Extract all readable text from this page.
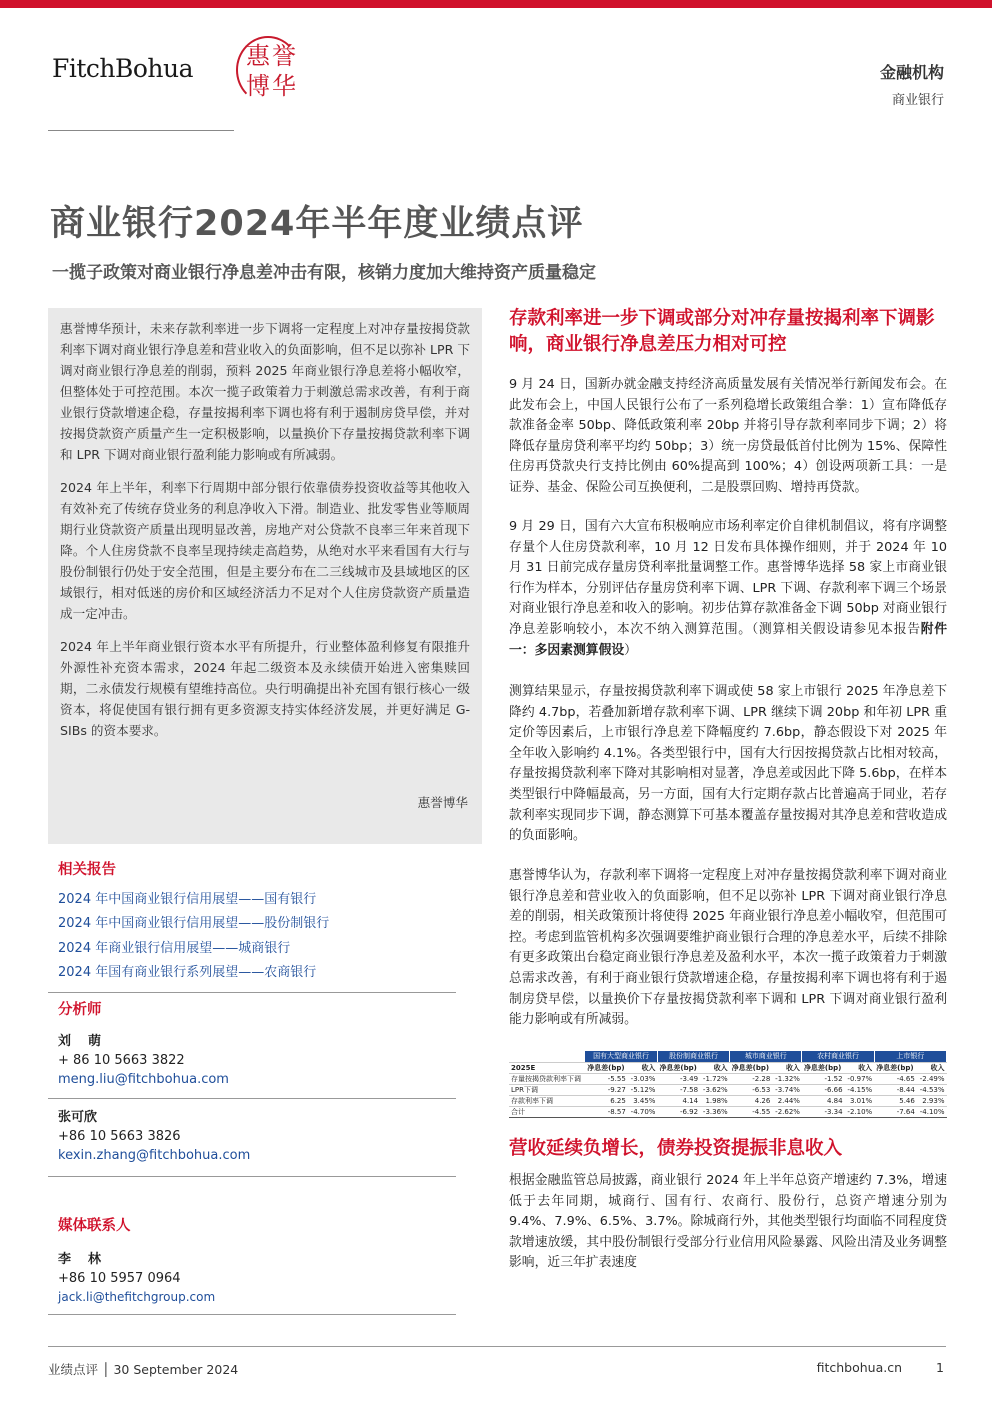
FitchBohua 惠 誉
博 华	金融机构
商业银行
商业银行2024年半年度业绩点评
一揽子政策对商业银行净息差冲击有限，核销力度加大维持资产质量稳定

惠誉博华预计，未来存款利率进一步下调将一定程度上对冲存量按揭贷款利率下调对商业银行净息差和营业收入的负面影响，但不足以弥补 LPR 下调对商业银行净息差的削弱，预料 2025 年商业银行净息差将小幅收窄，但整体处于可控范围。本次一揽子政策着力于刺激总需求改善，有利于商业银行贷款增速企稳，存量按揭利率下调也将有利于遏制房贷早偿，并对按揭贷款资产质量产生一定积极影响，以量换价下存量按揭贷款利率下调和 LPR 下调对商业银行盈利能力影响或有所减弱。

2024 年上半年，利率下行周期中部分银行依靠债券投资收益等其他收入有效补充了传统存贷业务的利息净收入下滑。制造业、批发零售业等顺周期行业贷款资产质量出现明显改善，房地产对公贷款不良率三年来首现下降。个人住房贷款不良率呈现持续走高趋势，从绝对水平来看国有大行与股份制银行仍处于安全范围，但是主要分布在二三线城市及县域地区的区域银行，相对低迷的房价和区域经济活力不足对个人住房贷款资产质量造成一定冲击。

2024 年上半年商业银行资本水平有所提升，行业整体盈利修复有限推升外源性补充资本需求，2024 年起二级资本及永续债开始进入密集赎回期，二永债发行规模有望维持高位。央行明确提出补充国有银行核心一级资本，将促使国有银行拥有更多资源支持实体经济发展，并更好满足 G-SIBs 的资本要求。

惠誉博华
相关报告
2024 年中国商业银行信用展望——国有银行
2024 年中国商业银行信用展望——股份制银行
2024 年商业银行信用展望——城商银行
2024 年国有商业银行系列展望——农商银行
分析师
刘　萌
+ 86 10 5663 3822
meng.liu@fitchbohua.com
张可欣
+86 10 5663 3826
kexin.zhang@fitchbohua.com
媒体联系人
李　林
+86 10 5957 0964
jack.li@thefitchgroup.com
存款利率进一步下调或部分对冲存量按揭利率下调影响，商业银行净息差压力相对可控
9 月 24 日，国新办就金融支持经济高质量发展有关情况举行新闻发布会。在此发布会上，中国人民银行公布了一系列稳增长政策组合拳：1）宣布降低存款准备金率 50bp、降低政策利率 20bp 并将引导存款利率同步下调；2）将降低存量房贷利率平均约 50bp；3）统一房贷最低首付比例为 15%、保障性住房再贷款央行支持比例由 60%提高到 100%；4）创设两项新工具：一是证券、基金、保险公司互换便利，二是股票回购、增持再贷款。
9 月 29 日，国有六大宣布积极响应市场利率定价自律机制倡议，将有序调整存量个人住房贷款利率，10 月 12 日发布具体操作细则，并于 2024 年 10 月 31 日前完成存量房贷利率批量调整工作。惠誉博华选择 58 家上市商业银行作为样本，分别评估存量房贷利率下调、LPR 下调、存款利率下调三个场景对商业银行净息差和收入的影响。初步估算存款准备金下调 50bp 对商业银行净息差影响较小，本次不纳入测算范围。（测算相关假设请参见本报告附件一：多因素测算假设）
测算结果显示，存量按揭贷款利率下调或使 58 家上市银行 2025 年净息差下降约 4.7bp，若叠加新增存款利率下调、LPR 继续下调 20bp 和年初 LPR 重定价等因素后，上市银行净息差下降幅度约 7.6bp，静态假设下对 2025 年全年收入影响约 4.1%。各类型银行中，国有大行因按揭贷款占比相对较高，存量按揭贷款利率下降对其影响相对显著，净息差或因此下降 5.6bp，在样本类型银行中降幅最高，另一方面，国有大行定期存款占比普遍高于同业，若存款利率实现同步下调，静态测算下可基本覆盖存量按揭对其净息差和营收造成的负面影响。
惠誉博华认为，存款利率下调将一定程度上对冲存量按揭贷款利率下调对商业银行净息差和营业收入的负面影响，但不足以弥补 LPR 下调对商业银行净息差的削弱，相关政策预计将使得 2025 年商业银行净息差小幅收窄，但范围可控。考虑到监管机构多次强调要维护商业银行合理的净息差水平，后续不排除有更多政策出台稳定商业银行净息差及盈利水平，本次一揽子政策着力于刺激总需求改善，有利于商业银行贷款增速企稳，存量按揭利率下调也将有利于遏制房贷早偿，以量换价下存量按揭贷款利率下调和 LPR 下调对商业银行盈利能力影响或有所减弱。
	国有大型商业银行		股份制商业银行		城市商业银行		农村商业银行		上市银行	
2025E	净息差(bp)	收入	净息差(bp)	收入	净息差(bp)	收入	净息差(bp)	收入	净息差(bp)	收入
存量按揭贷款利率下调	-5.55	-3.03%	-3.49	-1.72%	-2.28	-1.32%	-1.52	-0.97%	-4.65	-2.49%
LPR下调	-9.27	-5.12%	-7.58	-3.62%	-6.53	-3.74%	-6.66	-4.15%	-8.44	-4.53%
存款利率下调	6.25	3.45%	4.14	1.98%	4.26	2.44%	4.84	3.01%	5.46	2.93%
合计	-8.57	-4.70%	-6.92	-3.36%	-4.55	-2.62%	-3.34	-2.10%	-7.64	-4.10%
营收延续负增长，债券投资提振非息收入
根据金融监管总局披露，商业银行 2024 年上半年总资产增速约 7.3%，增速低于去年同期，城商行、国有行、农商行、股份行，总资产增速分别为 9.4%、7.9%、6.5%、3.7%。除城商行外，其他类型银行均面临不同程度贷款增速放缓，其中股份制银行受部分行业信用风险暴露、风险出清及业务调整影响，近三年扩表速度
业绩点评 │ 30 September 2024	fitchbohua.cn	1
